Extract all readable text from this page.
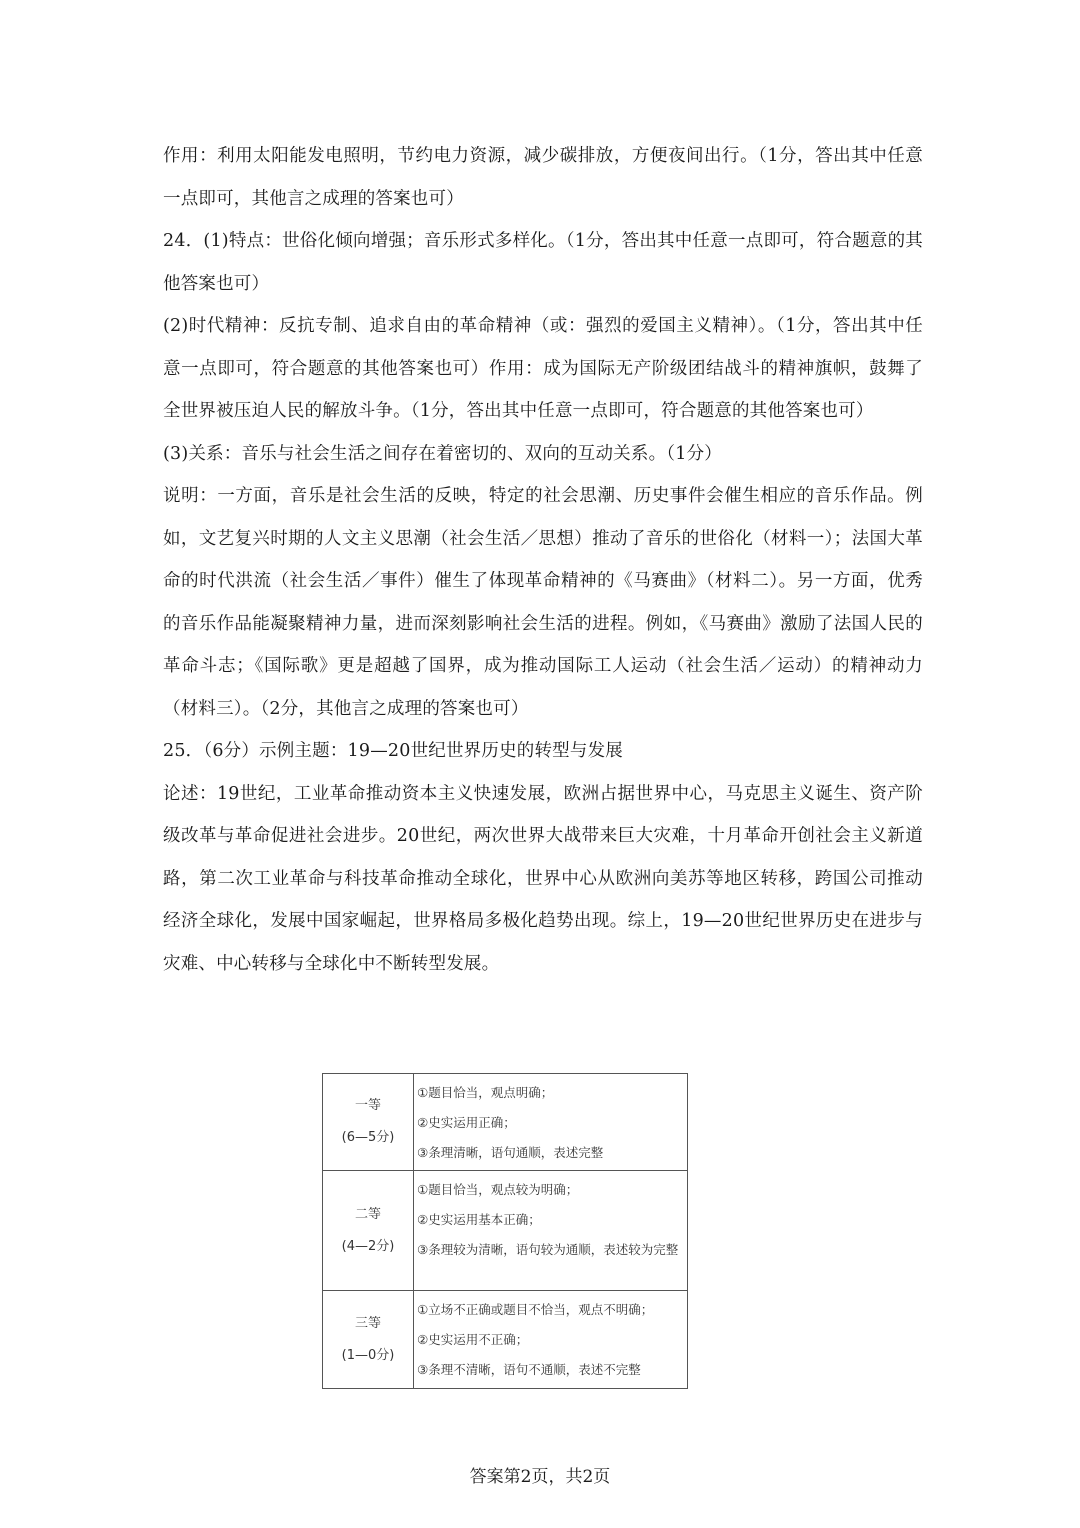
作用：利用太阳能发电照明，节约电力资源，减少碳排放，方便夜间出行。（1分，答出其中任意一点即可，其他言之成理的答案也可）

24．(1)特点：世俗化倾向增强；音乐形式多样化。（1分，答出其中任意一点即可，符合题意的其他答案也可）

(2)时代精神：反抗专制、追求自由的革命精神（或：强烈的爱国主义精神）。（1分，答出其中任意一点即可，符合题意的其他答案也可）作用：成为国际无产阶级团结战斗的精神旗帜，鼓舞了全世界被压迫人民的解放斗争。（1分，答出其中任意一点即可，符合题意的其他答案也可）

(3)关系：音乐与社会生活之间存在着密切的、双向的互动关系。（1分）

说明：一方面，音乐是社会生活的反映，特定的社会思潮、历史事件会催生相应的音乐作品。例如，文艺复兴时期的人文主义思潮（社会生活／思想）推动了音乐的世俗化（材料一）；法国大革命的时代洪流（社会生活／事件）催生了体现革命精神的《马赛曲》（材料二）。另一方面，优秀的音乐作品能凝聚精神力量，进而深刻影响社会生活的进程。例如，《马赛曲》激励了法国人民的革命斗志；《国际歌》更是超越了国界，成为推动国际工人运动（社会生活／运动）的精神动力（材料三）。（2分，其他言之成理的答案也可）

25．（6分）示例主题：19—20世纪世界历史的转型与发展

论述：19世纪，工业革命推动资本主义快速发展，欧洲占据世界中心，马克思主义诞生、资产阶级改革与革命促进社会进步。20世纪，两次世界大战带来巨大灾难，十月革命开创社会主义新道路，第二次工业革命与科技革命推动全球化，世界中心从欧洲向美苏等地区转移，跨国公司推动经济全球化，发展中国家崛起，世界格局多极化趋势出现。综上，19—20世纪世界历史在进步与灾难、中心转移与全球化中不断转型发展。

一等
(6—5分)	①题目恰当，观点明确；
②史实运用正确；
③条理清晰，语句通顺，表述完整

二等
(4—2分)	①题目恰当，观点较为明确；
②史实运用基本正确；
③条理较为清晰，语句较为通顺，表述较为完整

三等
(1—0分)	①立场不正确或题目不恰当，观点不明确；
②史实运用不正确；
③条理不清晰，语句不通顺，表述不完整
答案第2页，共2页
